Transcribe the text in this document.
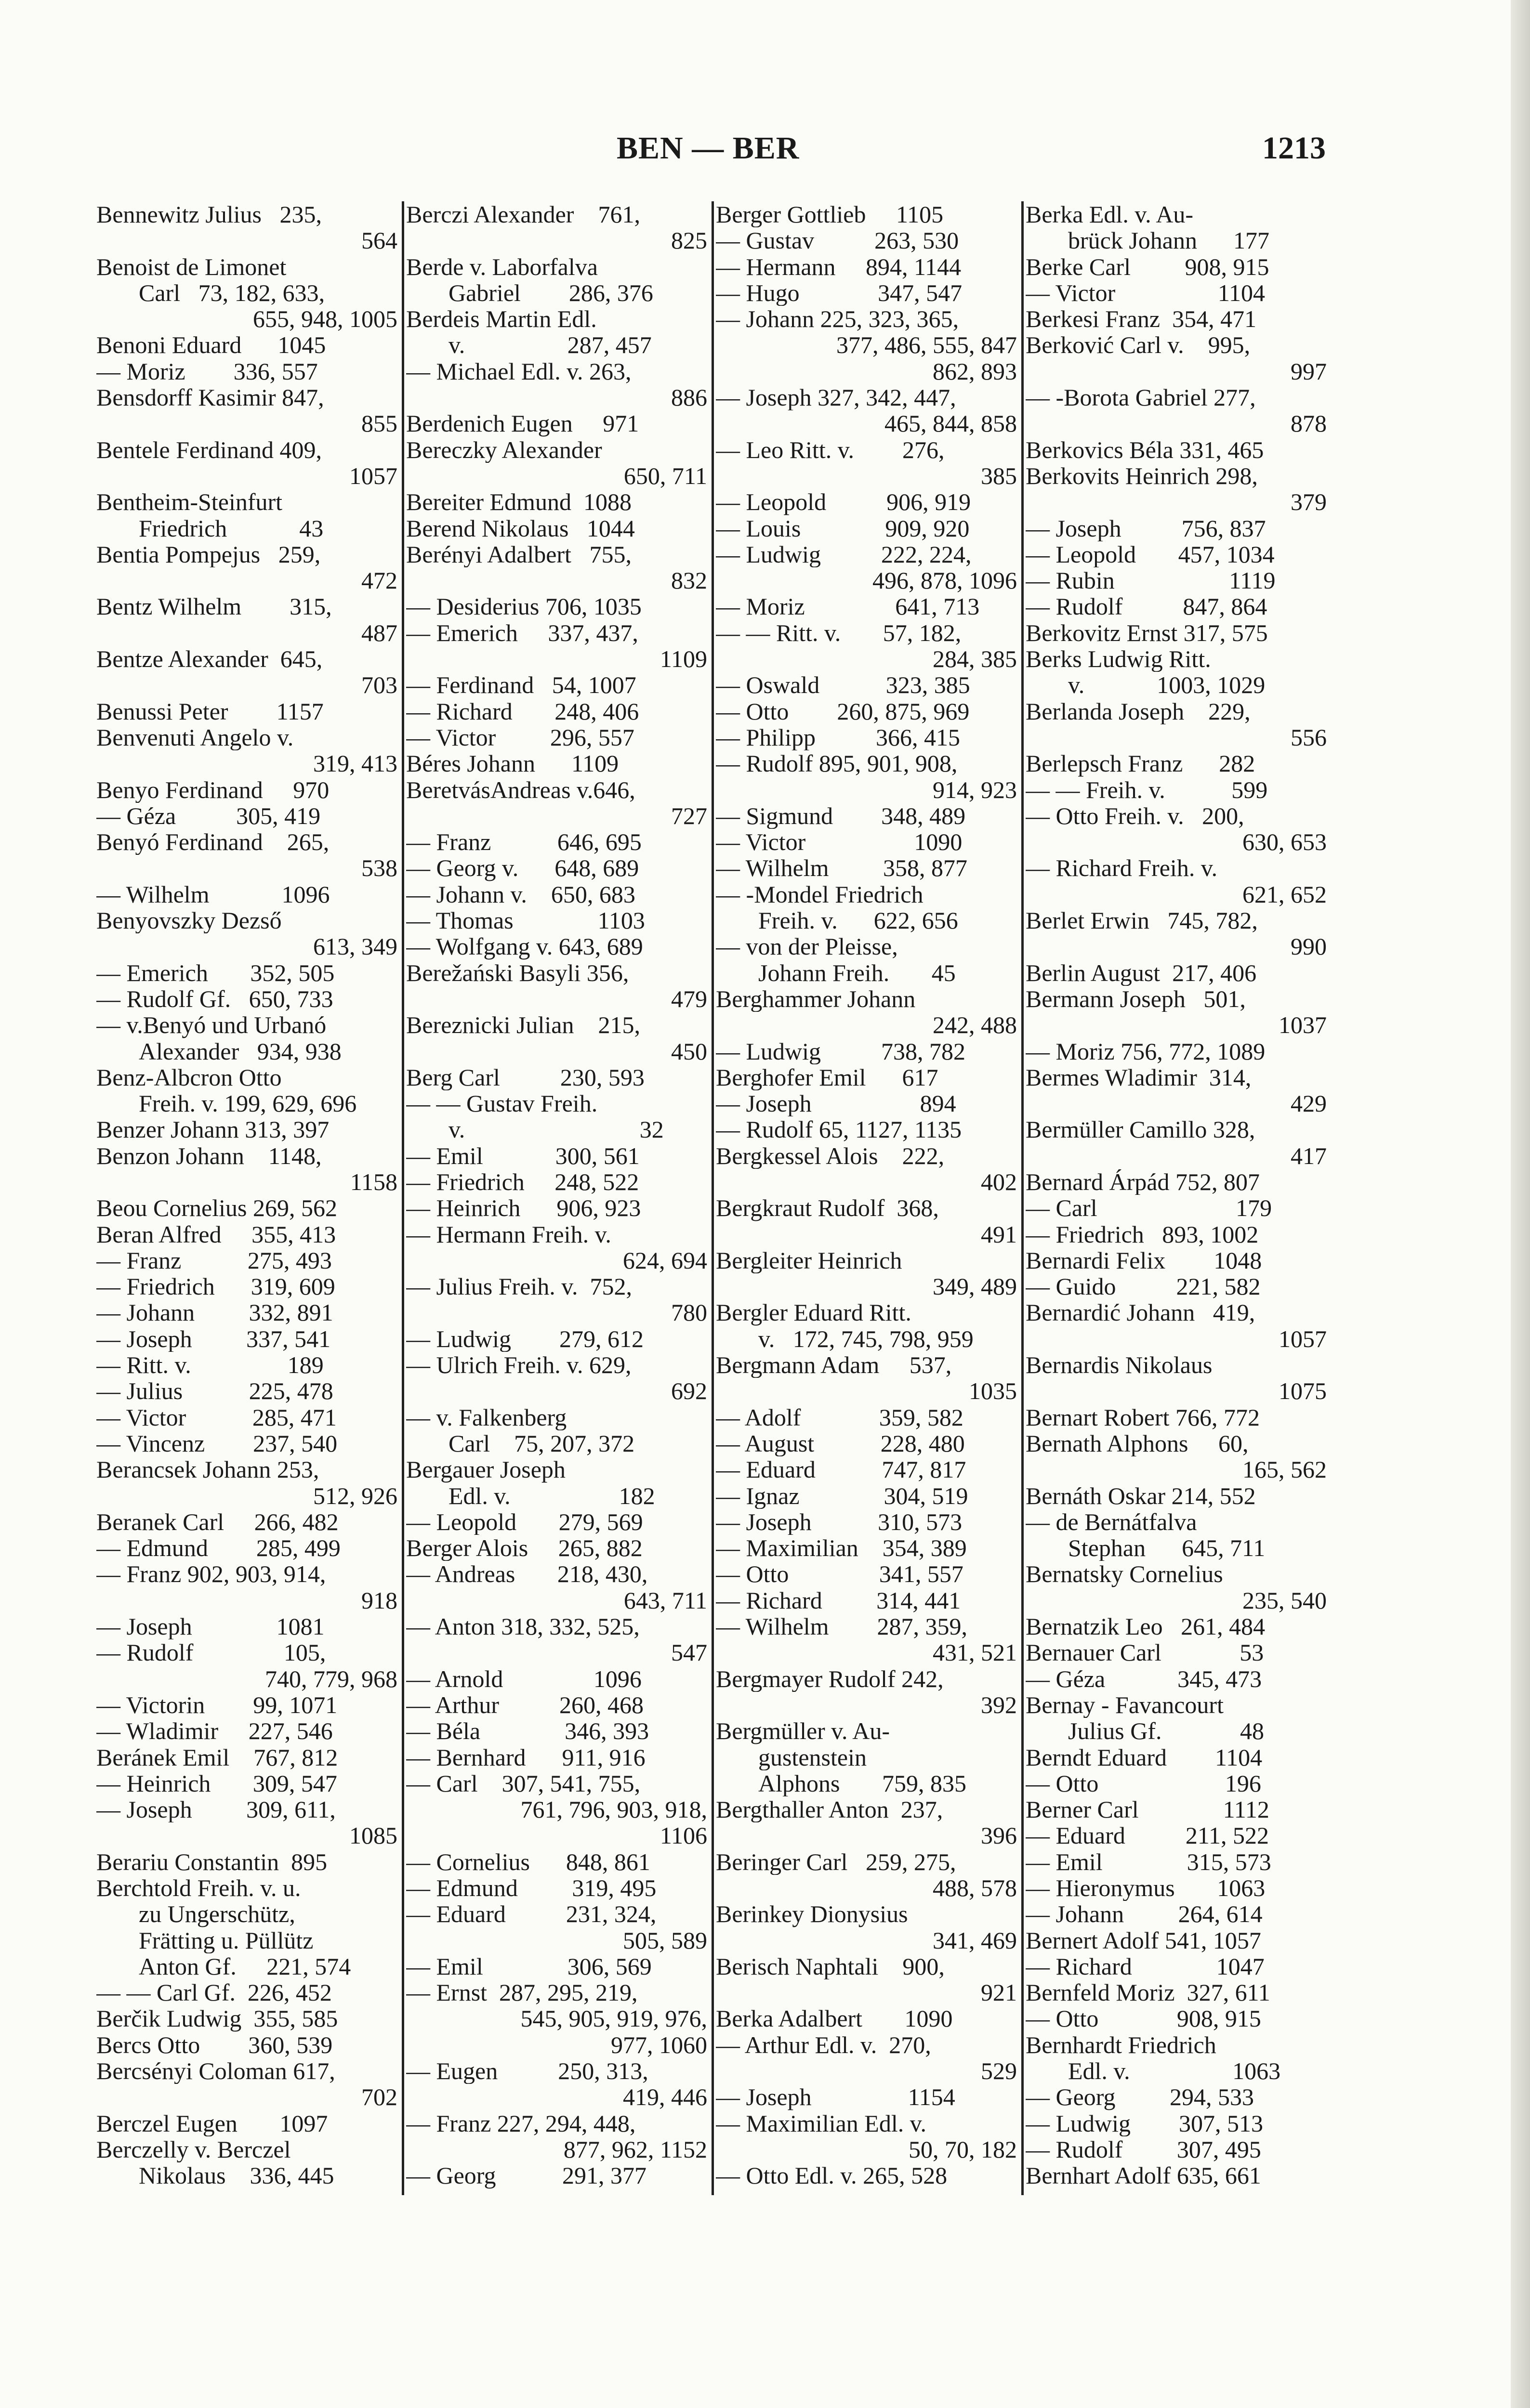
BEN — BER	1213
Bennewitz Julius   235,
564
Benoist de Limonet
Carl   73, 182, 633,
655, 948, 1005
Benoni Eduard      1045
— Moriz        336, 557
Bensdorff Kasimir 847,
855
Bentele Ferdinand 409,
1057
Bentheim-Steinfurt
Friedrich            43
Bentia Pompejus   259,
472
Bentz Wilhelm        315,
487
Bentze Alexander  645,
703
Benussi Peter        1157
Benvenuti Angelo v.
319, 413
Benyo Ferdinand     970
— Géza          305, 419
Benyó Ferdinand    265,
538
— Wilhelm            1096
Benyovszky Dezső
613, 349
— Emerich       352, 505
— Rudolf Gf.   650, 733
— v.Benyó und Urbanó
Alexander   934, 938
Benz-Albcron Otto
Freih. v. 199, 629, 696
Benzer Johann 313, 397
Benzon Johann    1148,
1158
Beou Cornelius 269, 562
Beran Alfred     355, 413
— Franz           275, 493
— Friedrich      319, 609
— Johann         332, 891
— Joseph         337, 541
— Ritt. v.                189
— Julius           225, 478
— Victor           285, 471
— Vincenz        237, 540
Berancsek Johann 253,
512, 926
Beranek Carl     266, 482
— Edmund        285, 499
— Franz 902, 903, 914,
918
— Joseph              1081
— Rudolf               105,
740, 779, 968
— Victorin        99, 1071
— Wladimir     227, 546
Beránek Emil    767, 812
— Heinrich       309, 547
— Joseph         309, 611,
1085
Berariu Constantin  895
Berchtold Freih. v. u.
zu Ungerschütz,
Frätting u. Püllütz
Anton Gf.     221, 574
— — Carl Gf.  226, 452
Berčik Ludwig  355, 585
Bercs Otto        360, 539
Bercsényi Coloman 617,
702
Berczel Eugen       1097
Berczelly v. Berczel
Nikolaus    336, 445
Berczi Alexander    761,
825
Berde v. Laborfalva
Gabriel        286, 376
Berdeis Martin Edl.
v.                 287, 457
— Michael Edl. v. 263,
886
Berdenich Eugen     971
Bereczky Alexander
650, 711
Bereiter Edmund  1088
Berend Nikolaus   1044
Berényi Adalbert   755,
832
— Desiderius 706, 1035
— Emerich     337, 437,
1109
— Ferdinand   54, 1007
— Richard       248, 406
— Victor         296, 557
Béres Johann      1109
BeretvásAndreas v.646,
727
— Franz           646, 695
— Georg v.      648, 689
— Johann v.    650, 683
— Thomas              1103
— Wolfgang v. 643, 689
Berežański Basyli 356,
479
Bereznicki Julian    215,
450
Berg Carl          230, 593
— — Gustav Freih.
v.                             32
— Emil            300, 561
— Friedrich     248, 522
— Heinrich      906, 923
— Hermann Freih. v.
624, 694
— Julius Freih. v.  752,
780
— Ludwig        279, 612
— Ulrich Freih. v. 629,
692
— v. Falkenberg
Carl    75, 207, 372
Bergauer Joseph
Edl. v.                  182
— Leopold       279, 569
Berger Alois     265, 882
— Andreas       218, 430,
643, 711
— Anton 318, 332, 525,
547
— Arnold               1096
— Arthur          260, 468
— Béla              346, 393
— Bernhard      911, 916
— Carl    307, 541, 755,
761, 796, 903, 918,
1106
— Cornelius      848, 861
— Edmund         319, 495
— Eduard          231, 324,
505, 589
— Emil              306, 569
— Ernst  287, 295, 219,
545, 905, 919, 976,
977, 1060
— Eugen          250, 313,
419, 446
— Franz 227, 294, 448,
877, 962, 1152
— Georg           291, 377
Berger Gottlieb     1105
— Gustav          263, 530
— Hermann     894, 1144
— Hugo             347, 547
— Johann 225, 323, 365,
377, 486, 555, 847
862, 893
— Joseph 327, 342, 447,
465, 844, 858
— Leo Ritt. v.        276,
385
— Leopold          906, 919
— Louis              909, 920
— Ludwig          222, 224,
496, 878, 1096
— Moriz               641, 713
— — Ritt. v.       57, 182,
284, 385
— Oswald           323, 385
— Otto        260, 875, 969
— Philipp          366, 415
— Rudolf 895, 901, 908,
914, 923
— Sigmund        348, 489
— Victor                  1090
— Wilhelm         358, 877
— -Mondel Friedrich
Freih. v.      622, 656
— von der Pleisse,
Johann Freih.       45
Berghammer Johann
242, 488
— Ludwig          738, 782
Berghofer Emil      617
— Joseph                  894
— Rudolf 65, 1127, 1135
Bergkessel Alois    222,
402
Bergkraut Rudolf  368,
491
Bergleiter Heinrich
349, 489
Bergler Eduard Ritt.
v.   172, 745, 798, 959
Bergmann Adam     537,
1035
— Adolf             359, 582
— August           228, 480
— Eduard           747, 817
— Ignaz              304, 519
— Joseph           310, 573
— Maximilian    354, 389
— Otto               341, 557
— Richard         314, 441
— Wilhelm        287, 359,
431, 521
Bergmayer Rudolf 242,
392
Bergmüller v. Au-
gustenstein
Alphons       759, 835
Bergthaller Anton  237,
396
Beringer Carl   259, 275,
488, 578
Berinkey Dionysius
341, 469
Berisch Naphtali    900,
921
Berka Adalbert       1090
— Arthur Edl. v.  270,
529
— Joseph                1154
— Maximilian Edl. v.
50, 70, 182
— Otto Edl. v. 265, 528
Berka Edl. v. Au-
brück Johann      177
Berke Carl         908, 915
— Victor                 1104
Berkesi Franz  354, 471
Berković Carl v.    995,
997
— -Borota Gabriel 277,
878
Berkovics Béla 331, 465
Berkovits Heinrich 298,
379
— Joseph          756, 837
— Leopold       457, 1034
— Rubin                   1119
— Rudolf          847, 864
Berkovitz Ernst 317, 575
Berks Ludwig Ritt.
v.            1003, 1029
Berlanda Joseph    229,
556
Berlepsch Franz      282
— — Freih. v.           599
— Otto Freih. v.   200,
630, 653
— Richard Freih. v.
621, 652
Berlet Erwin   745, 782,
990
Berlin August  217, 406
Bermann Joseph   501,
1037
— Moriz 756, 772, 1089
Bermes Wladimir  314,
429
Bermüller Camillo 328,
417
Bernard Árpád 752, 807
— Carl                       179
— Friedrich   893, 1002
Bernardi Felix        1048
— Guido          221, 582
Bernardić Johann   419,
1057
Bernardis Nikolaus
1075
Bernart Robert 766, 772
Bernath Alphons     60,
165, 562
Bernáth Oskar 214, 552
— de Bernátfalva
Stephan      645, 711
Bernatsky Cornelius
235, 540
Bernatzik Leo   261, 484
Bernauer Carl             53
— Géza            345, 473
Bernay - Favancourt
Julius Gf.             48
Berndt Eduard        1104
— Otto                     196
Berner Carl              1112
— Eduard          211, 522
— Emil              315, 573
— Hieronymus       1063
— Johann         264, 614
Bernert Adolf 541, 1057
— Richard              1047
Bernfeld Moriz  327, 611
— Otto             908, 915
Bernhardt Friedrich
Edl. v.                 1063
— Georg         294, 533
— Ludwig        307, 513
— Rudolf         307, 495
Bernhart Adolf 635, 661
